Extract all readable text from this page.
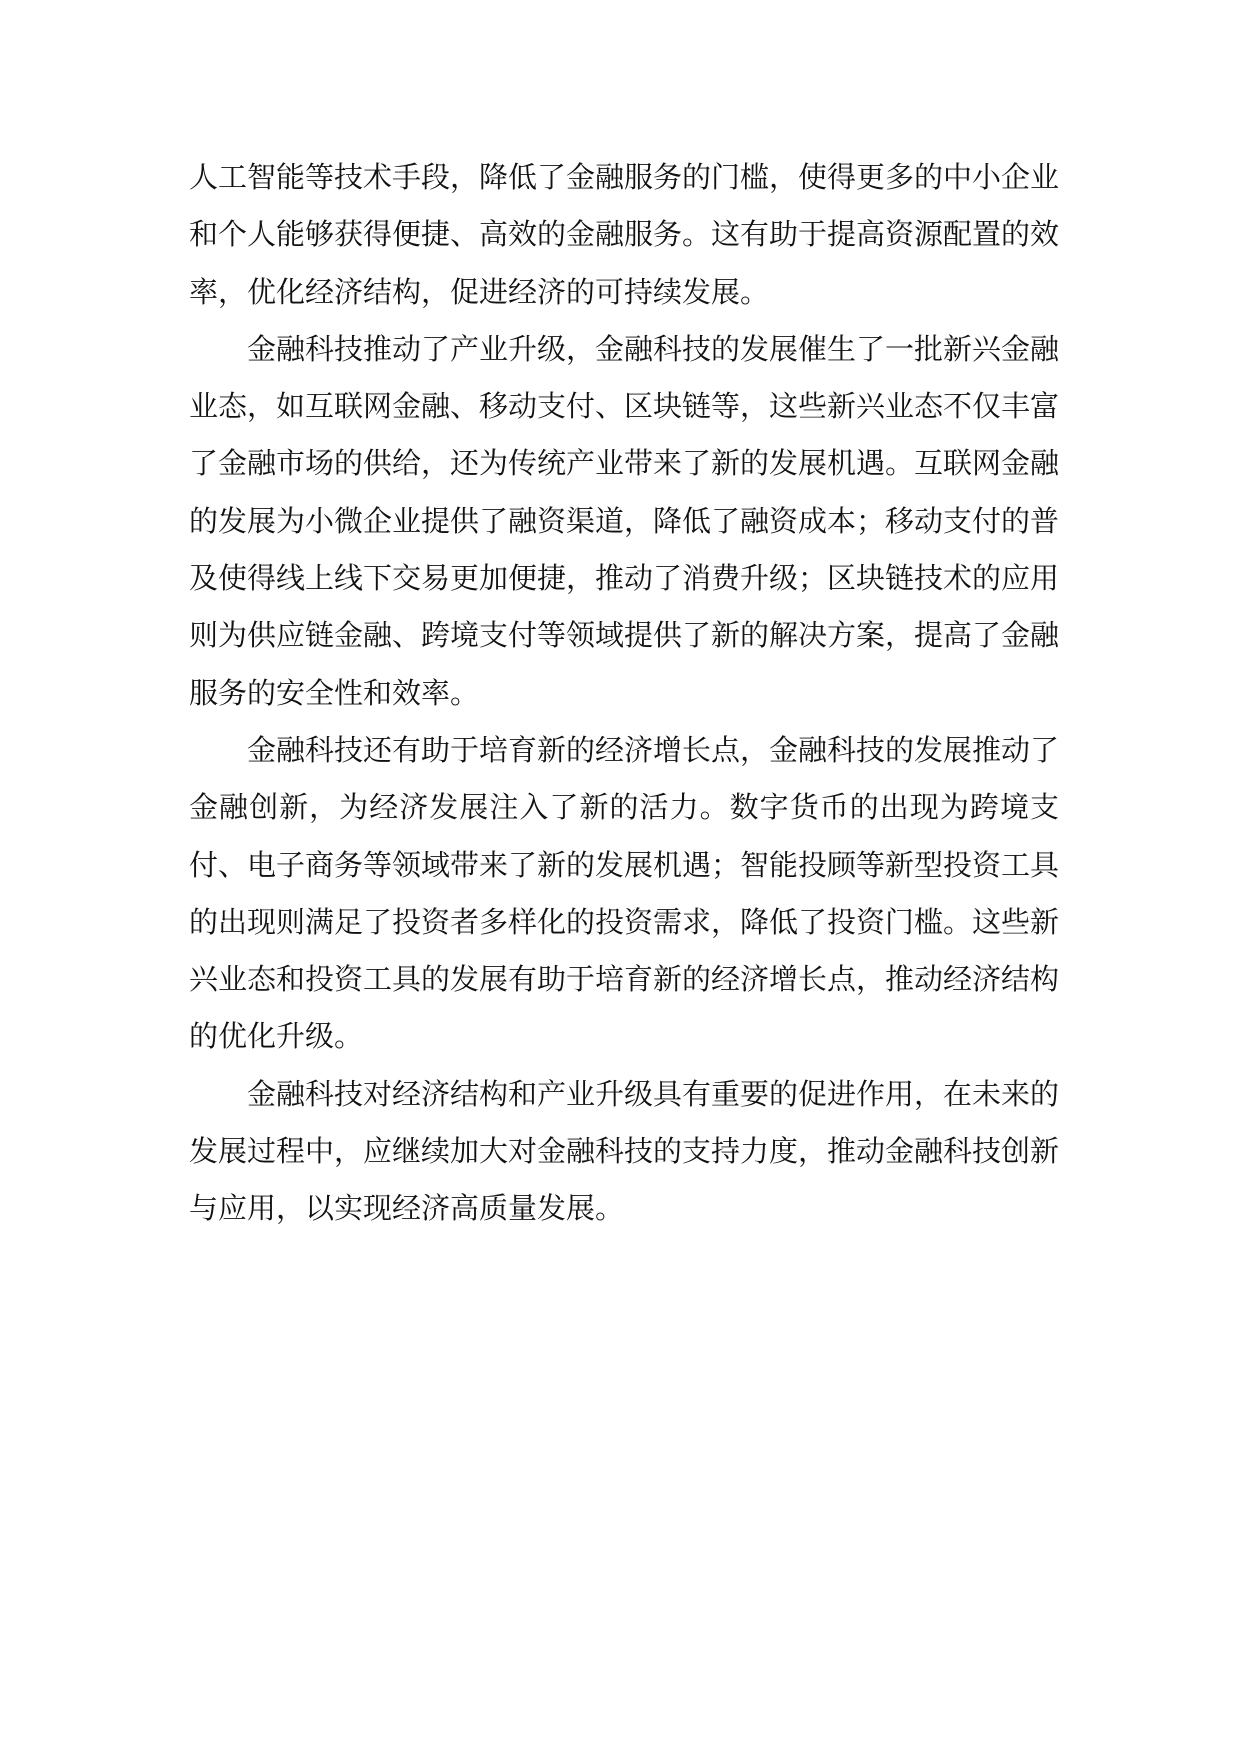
人工智能等技术手段，降低了金融服务的门槛，使得更多的中小企业和个人能够获得便捷、高效的金融服务。这有助于提高资源配置的效率，优化经济结构，促进经济的可持续发展。

金融科技推动了产业升级，金融科技的发展催生了一批新兴金融业态，如互联网金融、移动支付、区块链等，这些新兴业态不仅丰富了金融市场的供给，还为传统产业带来了新的发展机遇。互联网金融的发展为小微企业提供了融资渠道，降低了融资成本；移动支付的普及使得线上线下交易更加便捷，推动了消费升级；区块链技术的应用则为供应链金融、跨境支付等领域提供了新的解决方案，提高了金融服务的安全性和效率。

金融科技还有助于培育新的经济增长点，金融科技的发展推动了金融创新，为经济发展注入了新的活力。数字货币的出现为跨境支付、电子商务等领域带来了新的发展机遇；智能投顾等新型投资工具的出现则满足了投资者多样化的投资需求，降低了投资门槛。这些新兴业态和投资工具的发展有助于培育新的经济增长点，推动经济结构的优化升级。

金融科技对经济结构和产业升级具有重要的促进作用，在未来的发展过程中，应继续加大对金融科技的支持力度，推动金融科技创新与应用，以实现经济高质量发展。
